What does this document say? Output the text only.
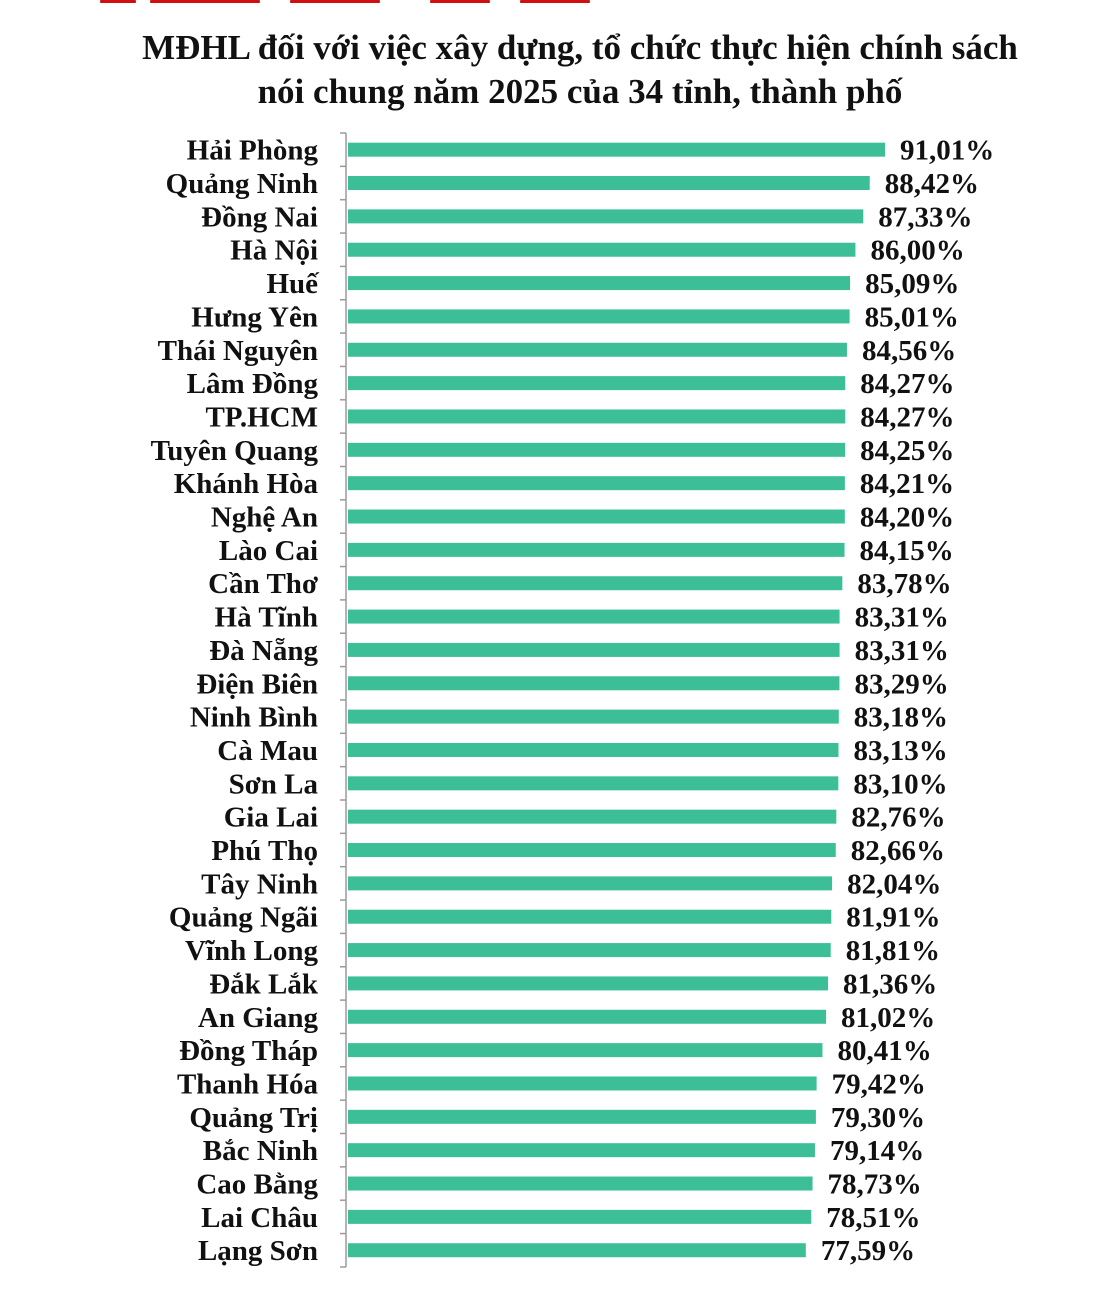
MĐHL đối với việc xây dựng, tổ chức thực hiện chính sách
nói chung năm 2025 của 34 tỉnh, thành phố
Hải Phòng	91,01%
Quảng Ninh	88,42%
Đồng Nai	87,33%
Hà Nội	86,00%
Huế	85,09%
Hưng Yên	85,01%
Thái Nguyên	84,56%
Lâm Đồng	84,27%
TP.HCM	84,27%
Tuyên Quang	84,25%
Khánh Hòa	84,21%
Nghệ An	84,20%
Lào Cai	84,15%
Cần Thơ	83,78%
Hà Tĩnh	83,31%
Đà Nẵng	83,31%
Điện Biên	83,29%
Ninh Bình	83,18%
Cà Mau	83,13%
Sơn La	83,10%
Gia Lai	82,76%
Phú Thọ	82,66%
Tây Ninh	82,04%
Quảng Ngãi	81,91%
Vĩnh Long	81,81%
Đắk Lắk	81,36%
An Giang	81,02%
Đồng Tháp	80,41%
Thanh Hóa	79,42%
Quảng Trị	79,30%
Bắc Ninh	79,14%
Cao Bằng	78,73%
Lai Châu	78,51%
Lạng Sơn	77,59%
